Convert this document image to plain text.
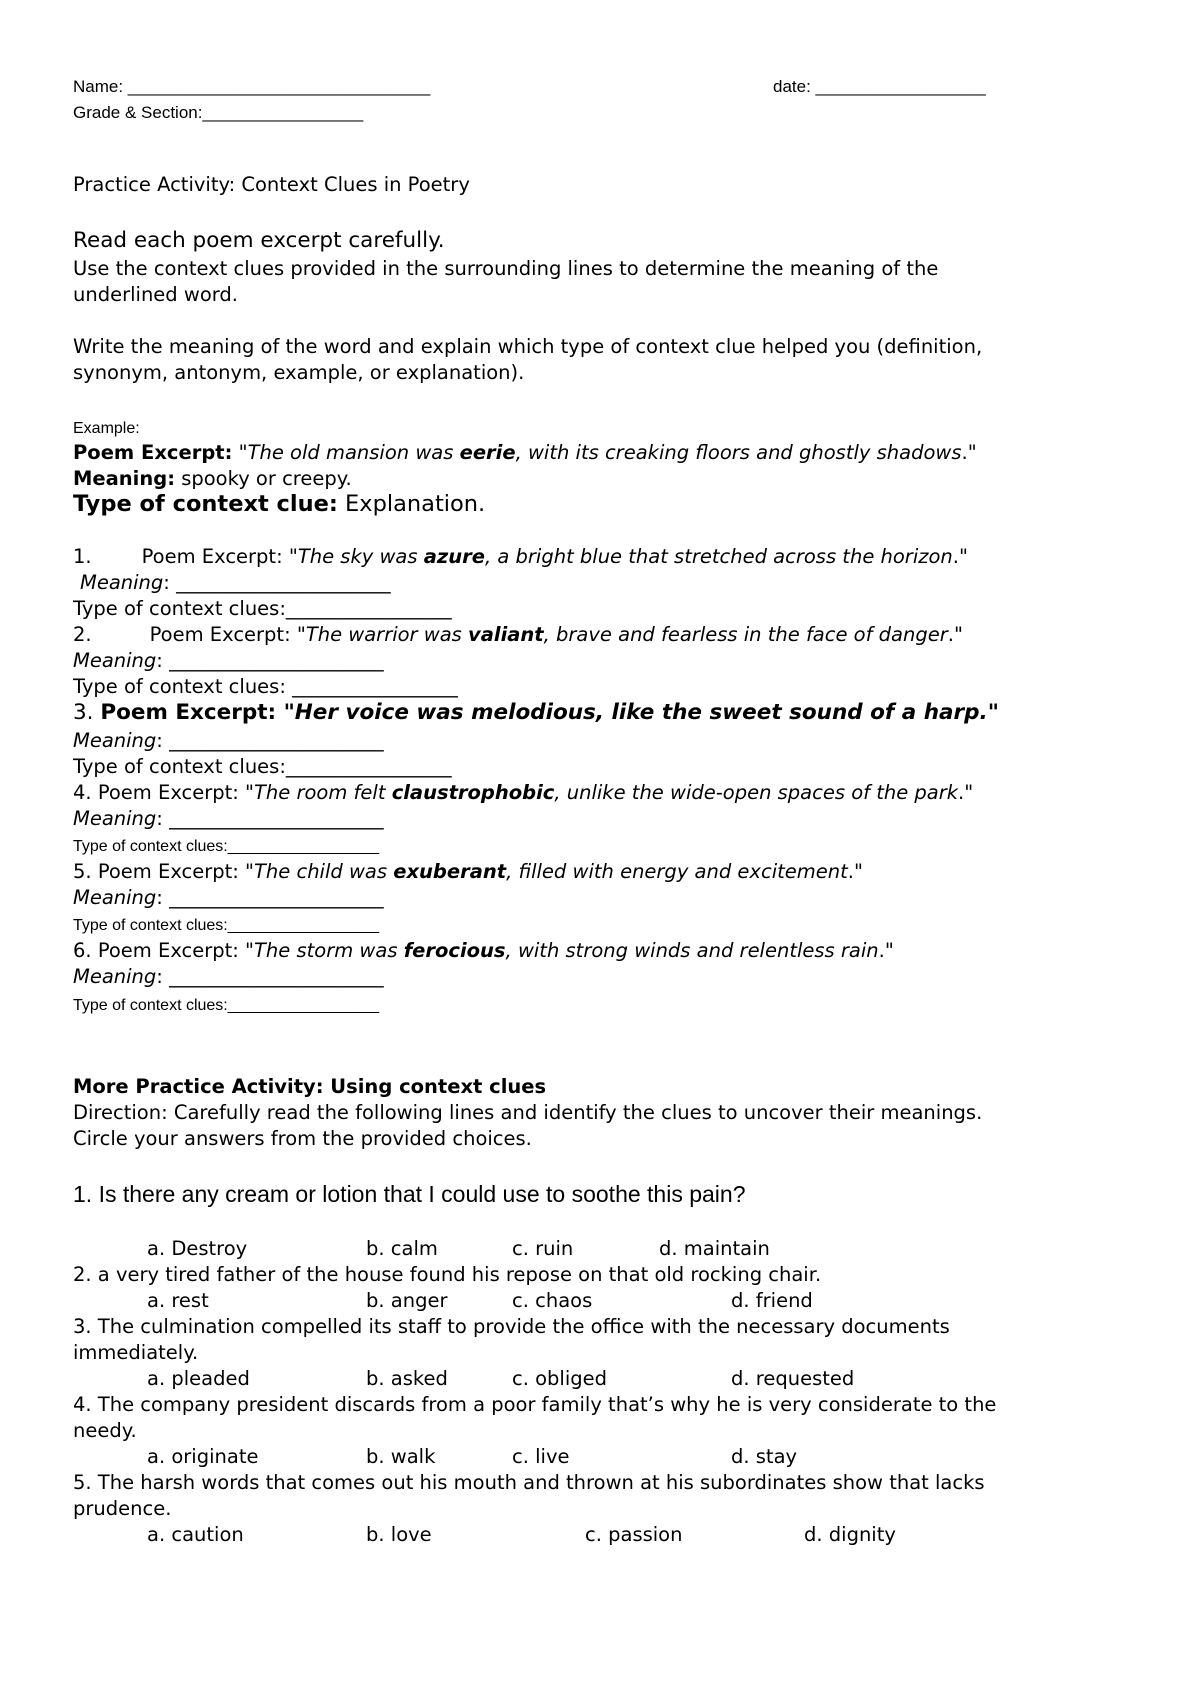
Name: ________________________________	date: __________________
Grade & Section:_________________
Practice Activity: Context Clues in Poetry
Read each poem excerpt carefully.
Use the context clues provided in the surrounding lines to determine the meaning of the
underlined word.
Write the meaning of the word and explain which type of context clue helped you (definition,
synonym, antonym, example, or explanation).
Example:
Poem Excerpt: "The old mansion was eerie, with its creaking floors and ghostly shadows."
Meaning: spooky or creepy.
Type of context clue: Explanation.
1.	Poem Excerpt: "The sky was azure, a bright blue that stretched across the horizon."
Meaning: ______________________
Type of context clues:_________________
2.	Poem Excerpt: "The warrior was valiant, brave and fearless in the face of danger."
Meaning: ______________________
Type of context clues: _________________
3. Poem Excerpt: "Her voice was melodious, like the sweet sound of a harp."
Meaning: ______________________
Type of context clues:_________________
4. Poem Excerpt: "The room felt claustrophobic, unlike the wide-open spaces of the park."
Meaning: ______________________
Type of context clues:_________________
5. Poem Excerpt: "The child was exuberant, filled with energy and excitement."
Meaning: ______________________
Type of context clues:_________________
6. Poem Excerpt: "The storm was ferocious, with strong winds and relentless rain."
Meaning: ______________________
Type of context clues:_________________
More Practice Activity: Using context clues
Direction: Carefully read the following lines and identify the clues to uncover their meanings.
Circle your answers from the provided choices.
1. Is there any cream or lotion that I could use to soothe this pain?
a. Destroy	b. calm	c. ruin	d. maintain
2. a very tired father of the house found his repose on that old rocking chair.
a. rest	b. anger	c. chaos	d. friend
3. The culmination compelled its staff to provide the office with the necessary documents
immediately.
a. pleaded	b. asked	c. obliged	d. requested
4. The company president discards from a poor family that’s why he is very considerate to the
needy.
a. originate	b. walk	c. live	d. stay
5. The harsh words that comes out his mouth and thrown at his subordinates show that lacks
prudence.
a. caution	b. love	c. passion	d. dignity
